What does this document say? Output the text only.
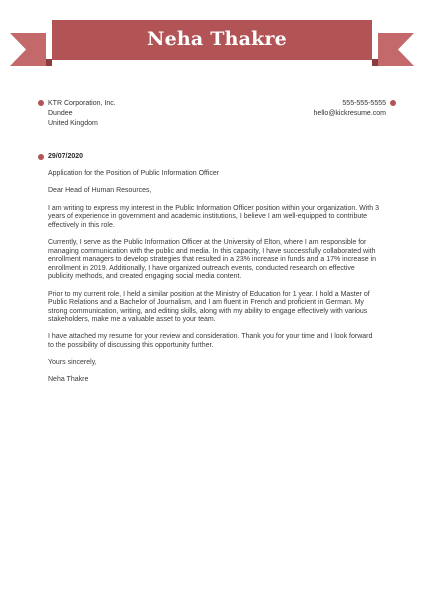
Neha Thakre
KTR Corporation, Inc.
Dundee
United Kingdom
555-555-5555
hello@kickresume.com

29/07/2020

Application for the Position of Public Information Officer

Dear Head of Human Resources,

I am writing to express my interest in the Public Information Officer position within your organization. With 3 years of experience in government and academic institutions, I believe I am well-equipped to contribute effectively in this role.

Currently, I serve as the Public Information Officer at the University of Elton, where I am responsible for managing communication with the public and media. In this capacity, I have successfully collaborated with enrollment managers to develop strategies that resulted in a 23% increase in funds and a 17% increase in enrollment in 2019. Additionally, I have organized outreach events, conducted research on effective publicity methods, and created engaging social media content.

Prior to my current role, I held a similar position at the Ministry of Education for 1 year. I hold a Master of Public Relations and a Bachelor of Journalism, and I am fluent in French and proficient in German. My strong communication, writing, and editing skills, along with my ability to engage effectively with various stakeholders, make me a valuable asset to your team.

I have attached my resume for your review and consideration. Thank you for your time and I look forward to the possibility of discussing this opportunity further.

Yours sincerely,

Neha Thakre
